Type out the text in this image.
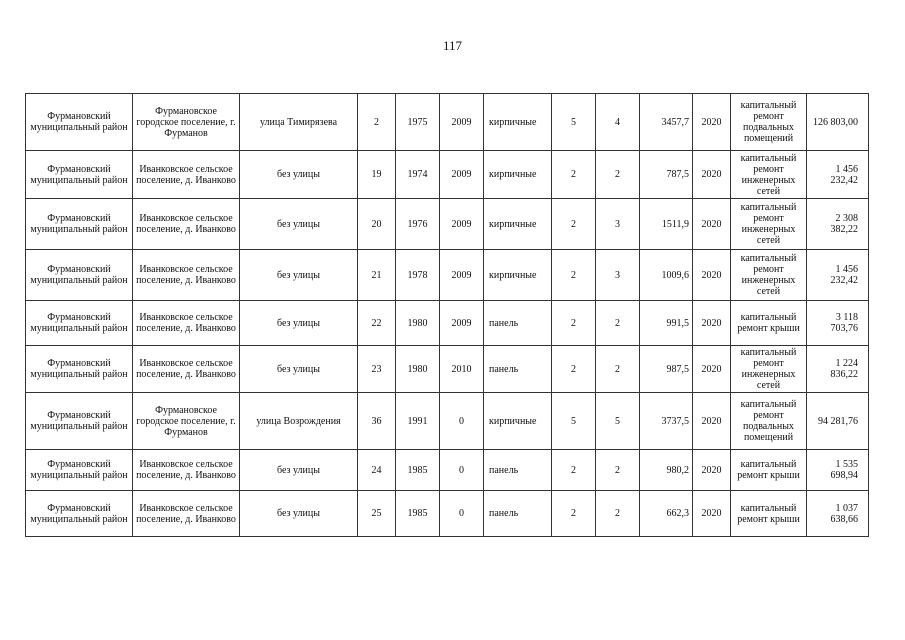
117
Фурмановский муниципальный район	Фурмановское городское поселение, г. Фурманов	улица Тимирязева	2	1975	2009	кирпичные	5	4	3457,7	2020	капитальный ремонт подвальных помещений	126 803,00
Фурмановский муниципальный район	Иванковское сельское поселение, д. Иванково	без улицы	19	1974	2009	кирпичные	2	2	787,5	2020	капитальный ремонт инженерных сетей	1 456 232,42
Фурмановский муниципальный район	Иванковское сельское поселение, д. Иванково	без улицы	20	1976	2009	кирпичные	2	3	1511,9	2020	капитальный ремонт инженерных сетей	2 308 382,22
Фурмановский муниципальный район	Иванковское сельское поселение, д. Иванково	без улицы	21	1978	2009	кирпичные	2	3	1009,6	2020	капитальный ремонт инженерных сетей	1 456 232,42
Фурмановский муниципальный район	Иванковское сельское поселение, д. Иванково	без улицы	22	1980	2009	панель	2	2	991,5	2020	капитальный ремонт крыши	3 118 703,76
Фурмановский муниципальный район	Иванковское сельское поселение, д. Иванково	без улицы	23	1980	2010	панель	2	2	987,5	2020	капитальный ремонт инженерных сетей	1 224 836,22
Фурмановский муниципальный район	Фурмановское городское поселение, г. Фурманов	улица Возрождения	36	1991	0	кирпичные	5	5	3737,5	2020	капитальный ремонт подвальных помещений	94 281,76
Фурмановский муниципальный район	Иванковское сельское поселение, д. Иванково	без улицы	24	1985	0	панель	2	2	980,2	2020	капитальный ремонт крыши	1 535 698,94
Фурмановский муниципальный район	Иванковское сельское поселение, д. Иванково	без улицы	25	1985	0	панель	2	2	662,3	2020	капитальный ремонт крыши	1 037 638,66
